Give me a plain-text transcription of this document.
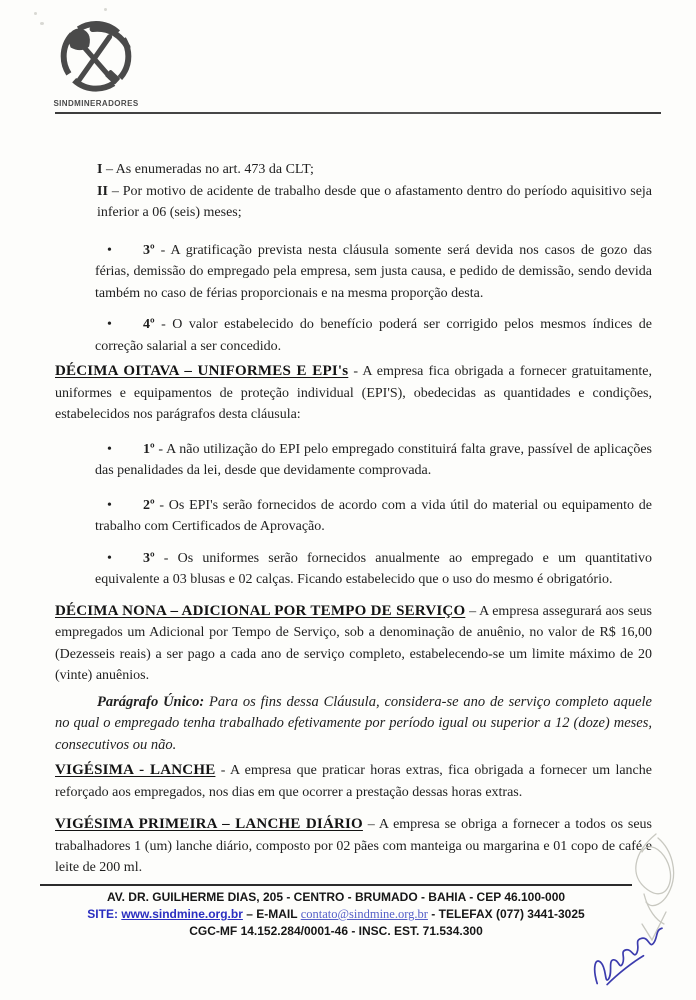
SINDMINERADORES
I – As enumeradas no art. 473 da CLT;
II – Por motivo de acidente de trabalho desde que o afastamento dentro do período aquisitivo seja inferior a 06 (seis) meses;
• 3º - A gratificação prevista nesta cláusula somente será devida nos casos de gozo das férias, demissão do empregado pela empresa, sem justa causa, e pedido de demissão, sendo devida também no caso de férias proporcionais e na mesma proporção desta.
• 4º - O valor estabelecido do benefício poderá ser corrigido pelos mesmos índices de correção salarial a ser concedido.
DÉCIMA OITAVA – UNIFORMES E EPI's - A empresa fica obrigada a fornecer gratuitamente, uniformes e equipamentos de proteção individual (EPI'S), obedecidas as quantidades e condições, estabelecidos nos parágrafos desta cláusula:
• 1º - A não utilização do EPI pelo empregado constituirá falta grave, passível de aplicações das penalidades da lei, desde que devidamente comprovada.
• 2º - Os EPI's serão fornecidos de acordo com a vida útil do material ou equipamento de trabalho com Certificados de Aprovação.
• 3º - Os uniformes serão fornecidos anualmente ao empregado e um quantitativo equivalente a 03 blusas e 02 calças. Ficando estabelecido que o uso do mesmo é obrigatório.
DÉCIMA NONA – ADICIONAL POR TEMPO DE SERVIÇO – A empresa assegurará aos seus empregados um Adicional por Tempo de Serviço, sob a denominação de anuênio, no valor de R$ 16,00 (Dezesseis reais) a ser pago a cada ano de serviço completo, estabelecendo-se um limite máximo de 20 (vinte) anuênios.
Parágrafo Único: Para os fins dessa Cláusula, considera-se ano de serviço completo aquele no qual o empregado tenha trabalhado efetivamente por período igual ou superior a 12 (doze) meses, consecutivos ou não.
VIGÉSIMA - LANCHE - A empresa que praticar horas extras, fica obrigada a fornecer um lanche reforçado aos empregados, nos dias em que ocorrer a prestação dessas horas extras.
VIGÉSIMA PRIMEIRA – LANCHE DIÁRIO – A empresa se obriga a fornecer a todos os seus trabalhadores 1 (um) lanche diário, composto por 02 pães com manteiga ou margarina e 01 copo de café e leite de 200 ml.
AV. DR. GUILHERME DIAS, 205 - CENTRO - BRUMADO - BAHIA - CEP 46.100-000
SITE: www.sindmine.org.br – E-MAIL contato@sindmine.org.br - TELEFAX (077) 3441-3025
CGC-MF 14.152.284/0001-46 - INSC. EST. 71.534.300
